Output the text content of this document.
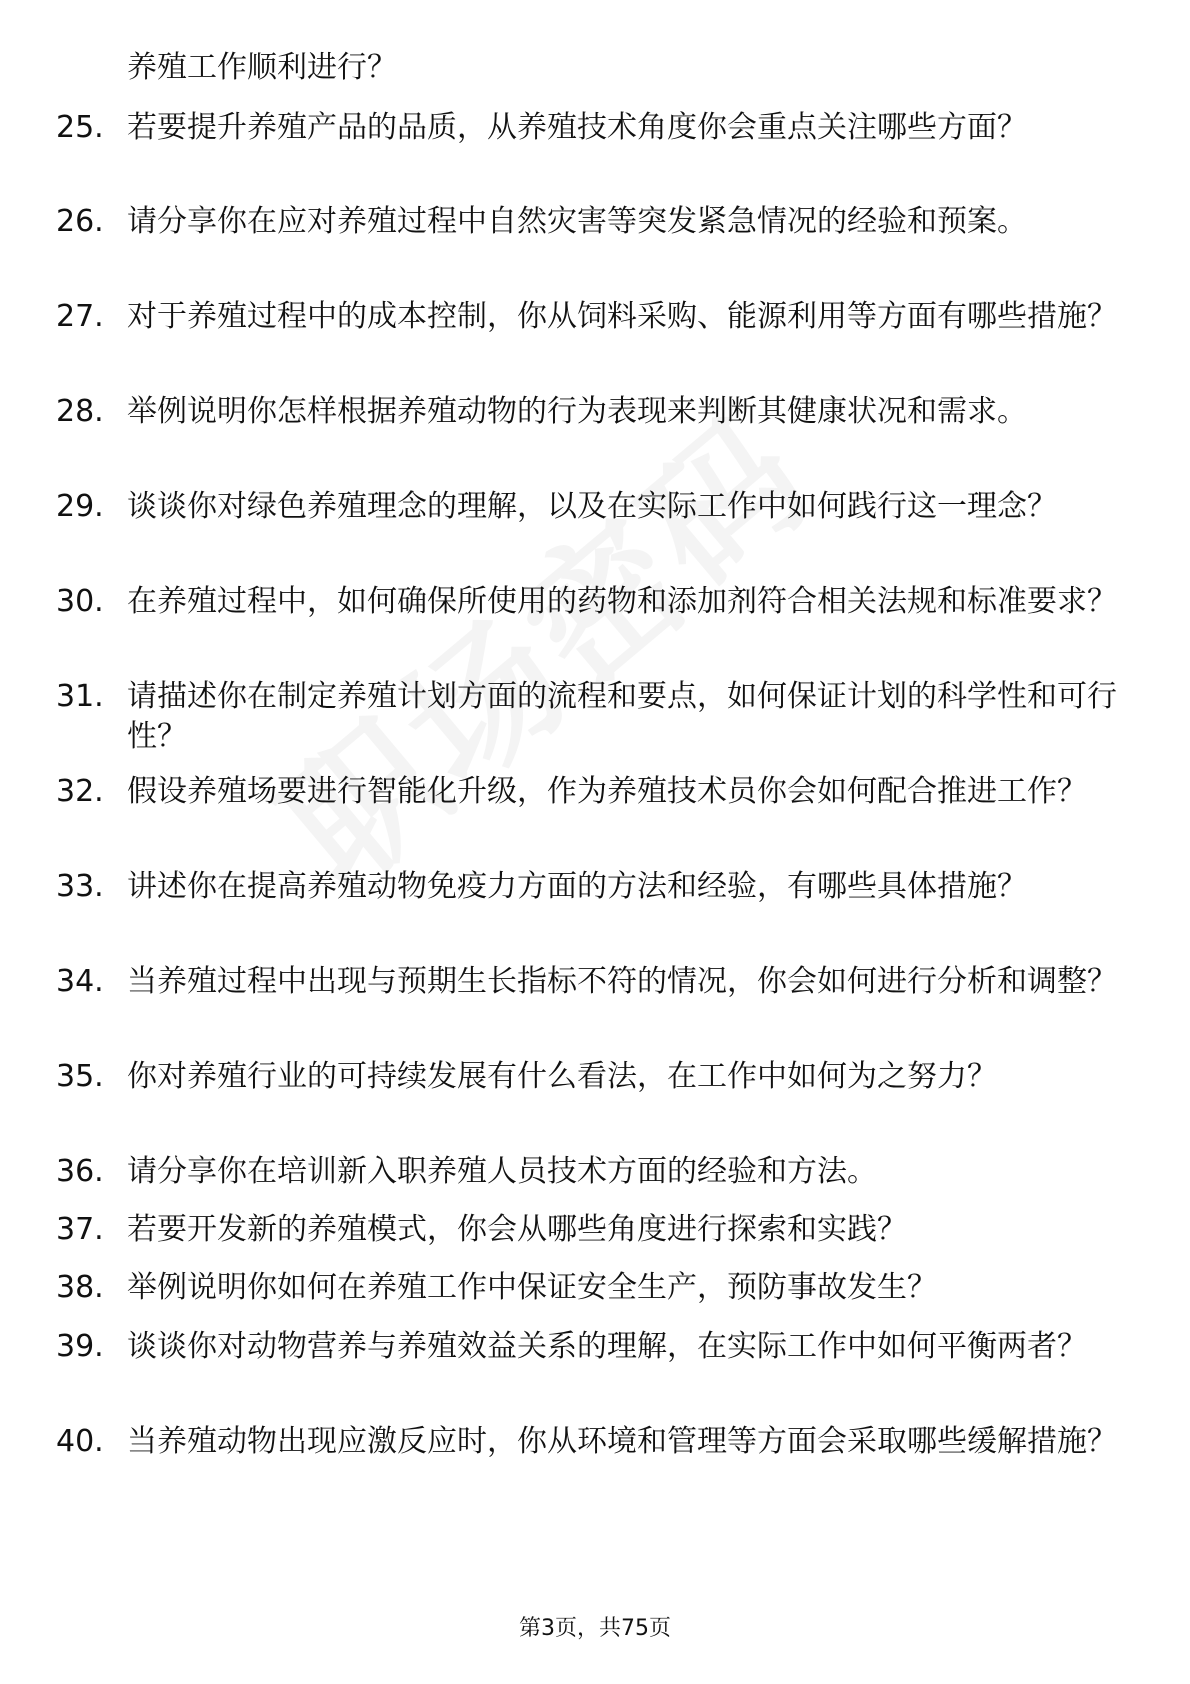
养殖工作顺利进行？
25. 若要提升养殖产品的品质，从养殖技术角度你会重点关注哪些方面？
26. 请分享你在应对养殖过程中自然灾害等突发紧急情况的经验和预案。
27. 对于养殖过程中的成本控制，你从饲料采购、能源利用等方面有哪些措施？
28. 举例说明你怎样根据养殖动物的行为表现来判断其健康状况和需求。
29. 谈谈你对绿色养殖理念的理解，以及在实际工作中如何践行这一理念？
30. 在养殖过程中，如何确保所使用的药物和添加剂符合相关法规和标准要求？
31. 请描述你在制定养殖计划方面的流程和要点，如何保证计划的科学性和可行性？
32. 假设养殖场要进行智能化升级，作为养殖技术员你会如何配合推进工作？
33. 讲述你在提高养殖动物免疫力方面的方法和经验，有哪些具体措施？
34. 当养殖过程中出现与预期生长指标不符的情况，你会如何进行分析和调整？
35. 你对养殖行业的可持续发展有什么看法，在工作中如何为之努力？
36. 请分享你在培训新入职养殖人员技术方面的经验和方法。
37. 若要开发新的养殖模式，你会从哪些角度进行探索和实践？
38. 举例说明你如何在养殖工作中保证安全生产，预防事故发生？
39. 谈谈你对动物营养与养殖效益关系的理解，在实际工作中如何平衡两者？
40. 当养殖动物出现应激反应时，你从环境和管理等方面会采取哪些缓解措施？
第3页，共75页
